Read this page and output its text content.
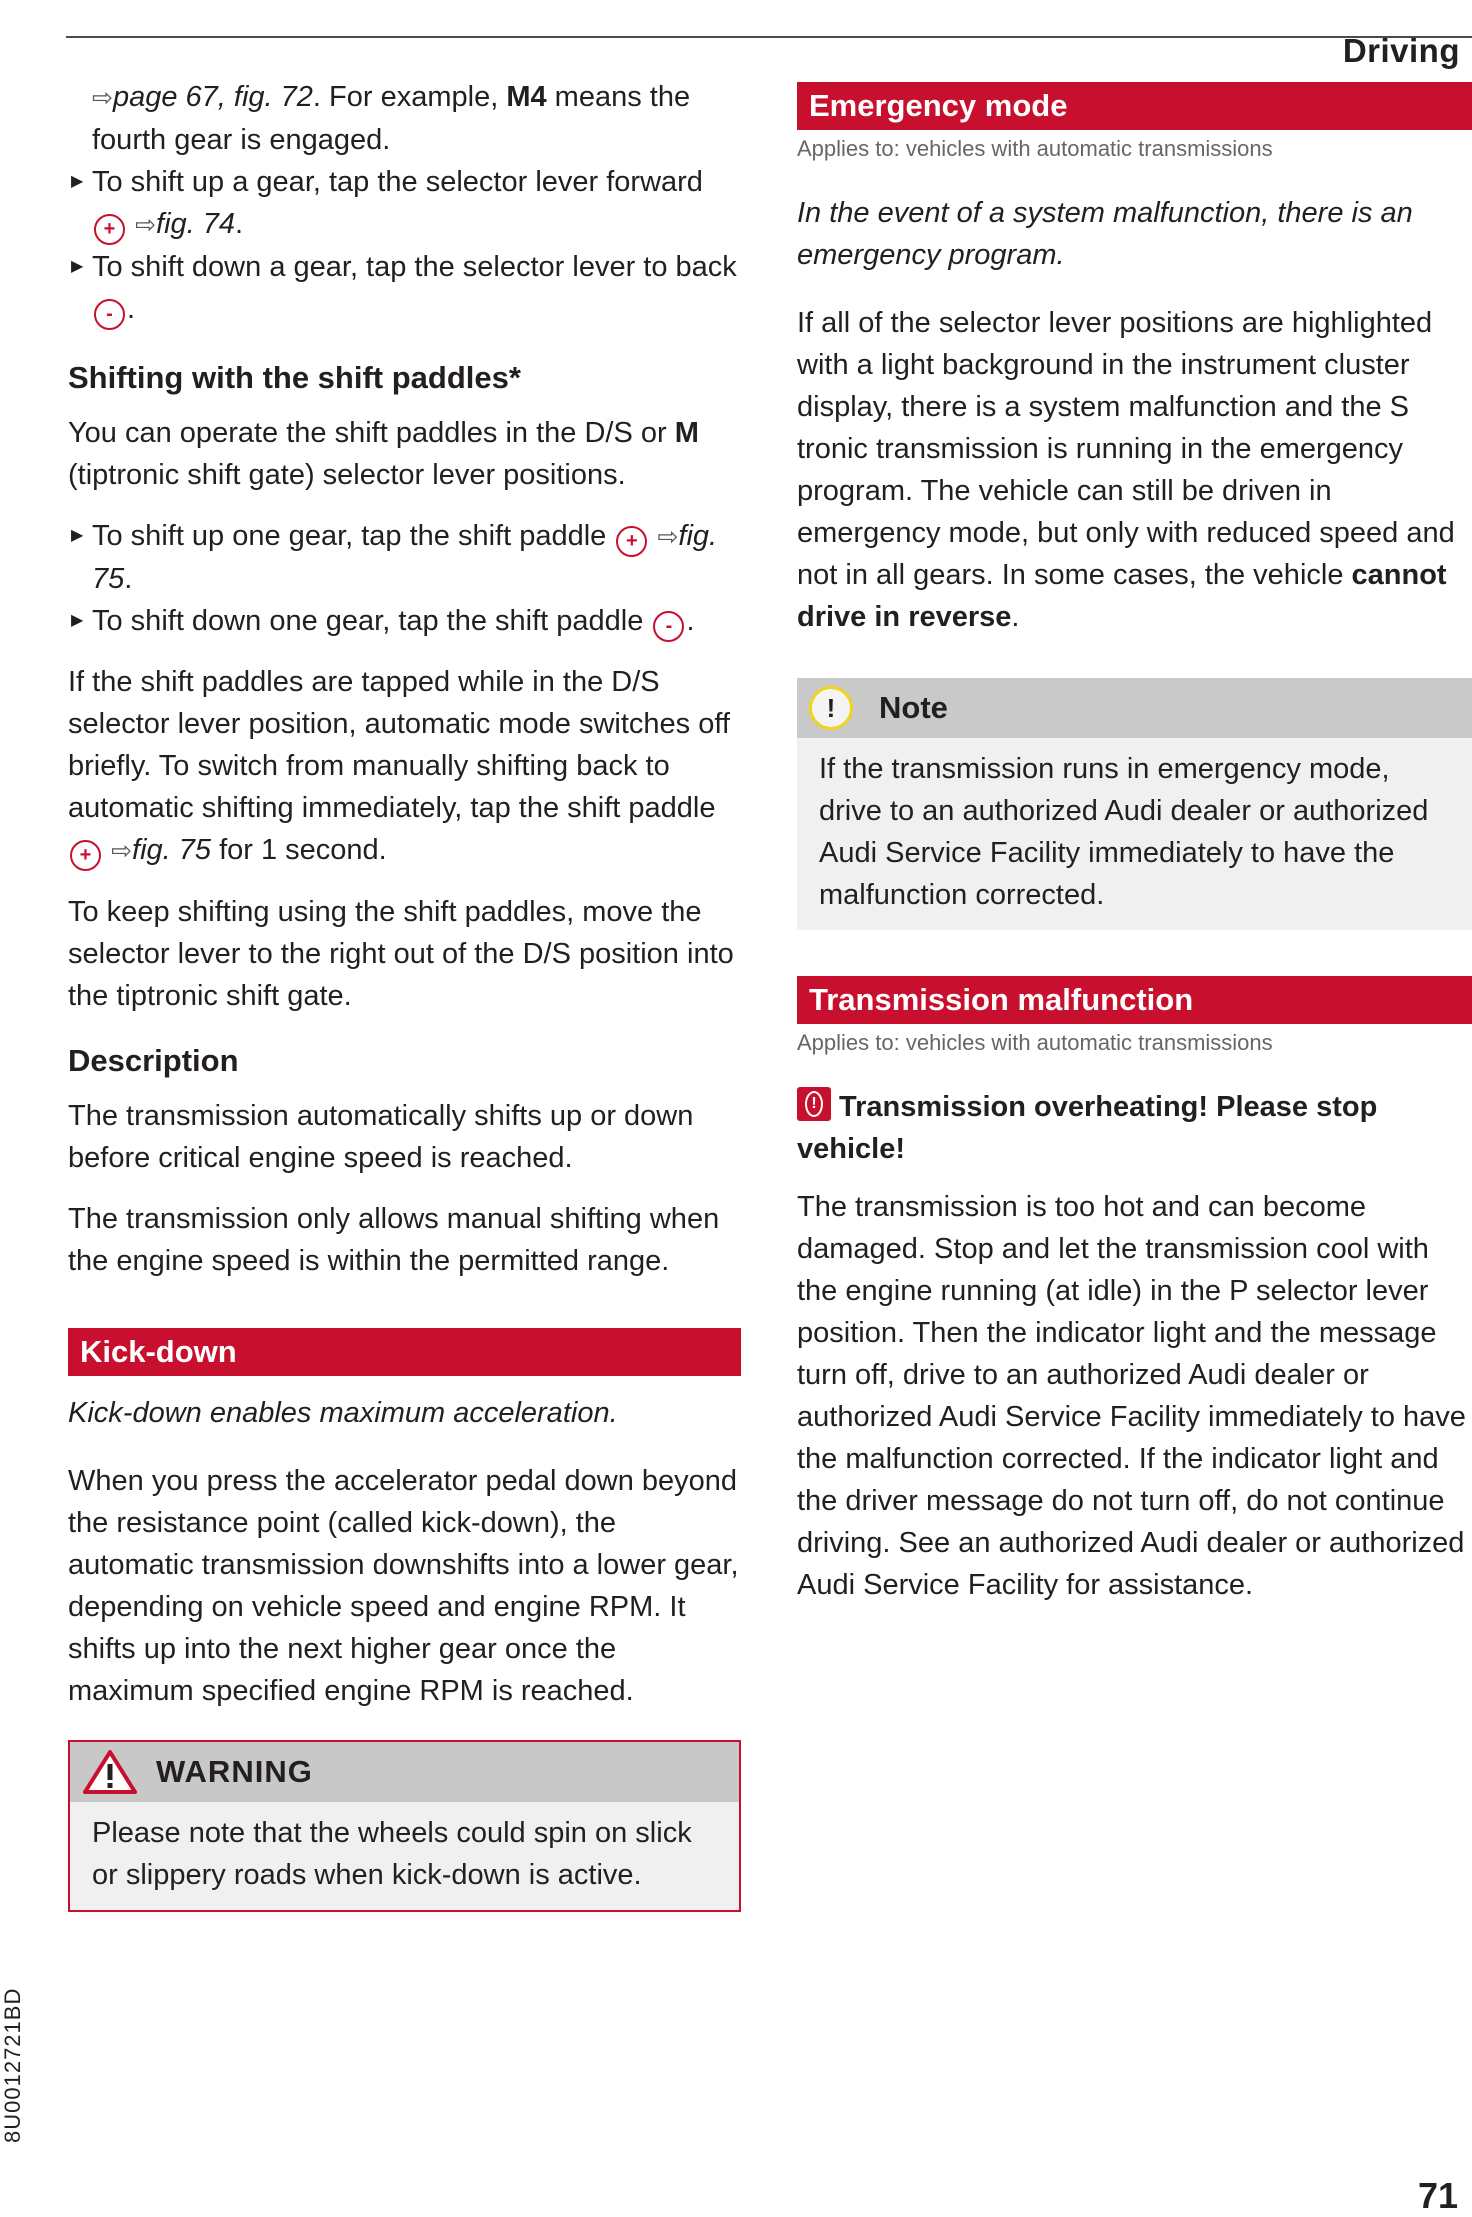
Driving

⇨page 67, fig. 72. For example, M4 means the fourth gear is engaged.

▶ To shift up a gear, tap the selector lever forward + ⇨fig. 74.
▶ To shift down a gear, tap the selector lever to back - .
Shifting with the shift paddles*

You can operate the shift paddles in the D/S or M (tiptronic shift gate) selector lever positions.

▶ To shift up one gear, tap the shift paddle + ⇨fig. 75.
▶ To shift down one gear, tap the shift paddle - .

If the shift paddles are tapped while in the D/S selector lever position, automatic mode switches off briefly. To switch from manually shifting back to automatic shifting immediately, tap the shift paddle + ⇨fig. 75 for 1 second.

To keep shifting using the shift paddles, move the selector lever to the right out of the D/S position into the tiptronic shift gate.

Description

The transmission automatically shifts up or down before critical engine speed is reached.

The transmission only allows manual shifting when the engine speed is within the permitted range.

Kick-down

Kick-down enables maximum acceleration.

When you press the accelerator pedal down beyond the resistance point (called kick-down), the automatic transmission downshifts into a lower gear, depending on vehicle speed and engine RPM. It shifts up into the next higher gear once the maximum specified engine RPM is reached.

WARNING

Please note that the wheels could spin on slick or slippery roads when kick-down is active.

Emergency mode
Applies to: vehicles with automatic transmissions

In the event of a system malfunction, there is an emergency program.

If all of the selector lever positions are highlighted with a light background in the instrument cluster display, there is a system malfunction and the S tronic transmission is running in the emergency program. The vehicle can still be driven in emergency mode, but only with reduced speed and not in all gears. In some cases, the vehicle cannot drive in reverse.

!	Note

If the transmission runs in emergency mode, drive to an authorized Audi dealer or authorized Audi Service Facility immediately to have the malfunction corrected.

Transmission malfunction
Applies to: vehicles with automatic transmissions
!Transmission overheating! Please stop vehicle!

The transmission is too hot and can become damaged. Stop and let the transmission cool with the engine running (at idle) in the P selector lever position. Then the indicator light and the message turn off, drive to an authorized Audi dealer or authorized Audi Service Facility immediately to have the malfunction corrected. If the indicator light and the driver message do not turn off, do not continue driving. See an authorized Audi dealer or authorized Audi Service Facility for assistance.

8U0012721BD
71
